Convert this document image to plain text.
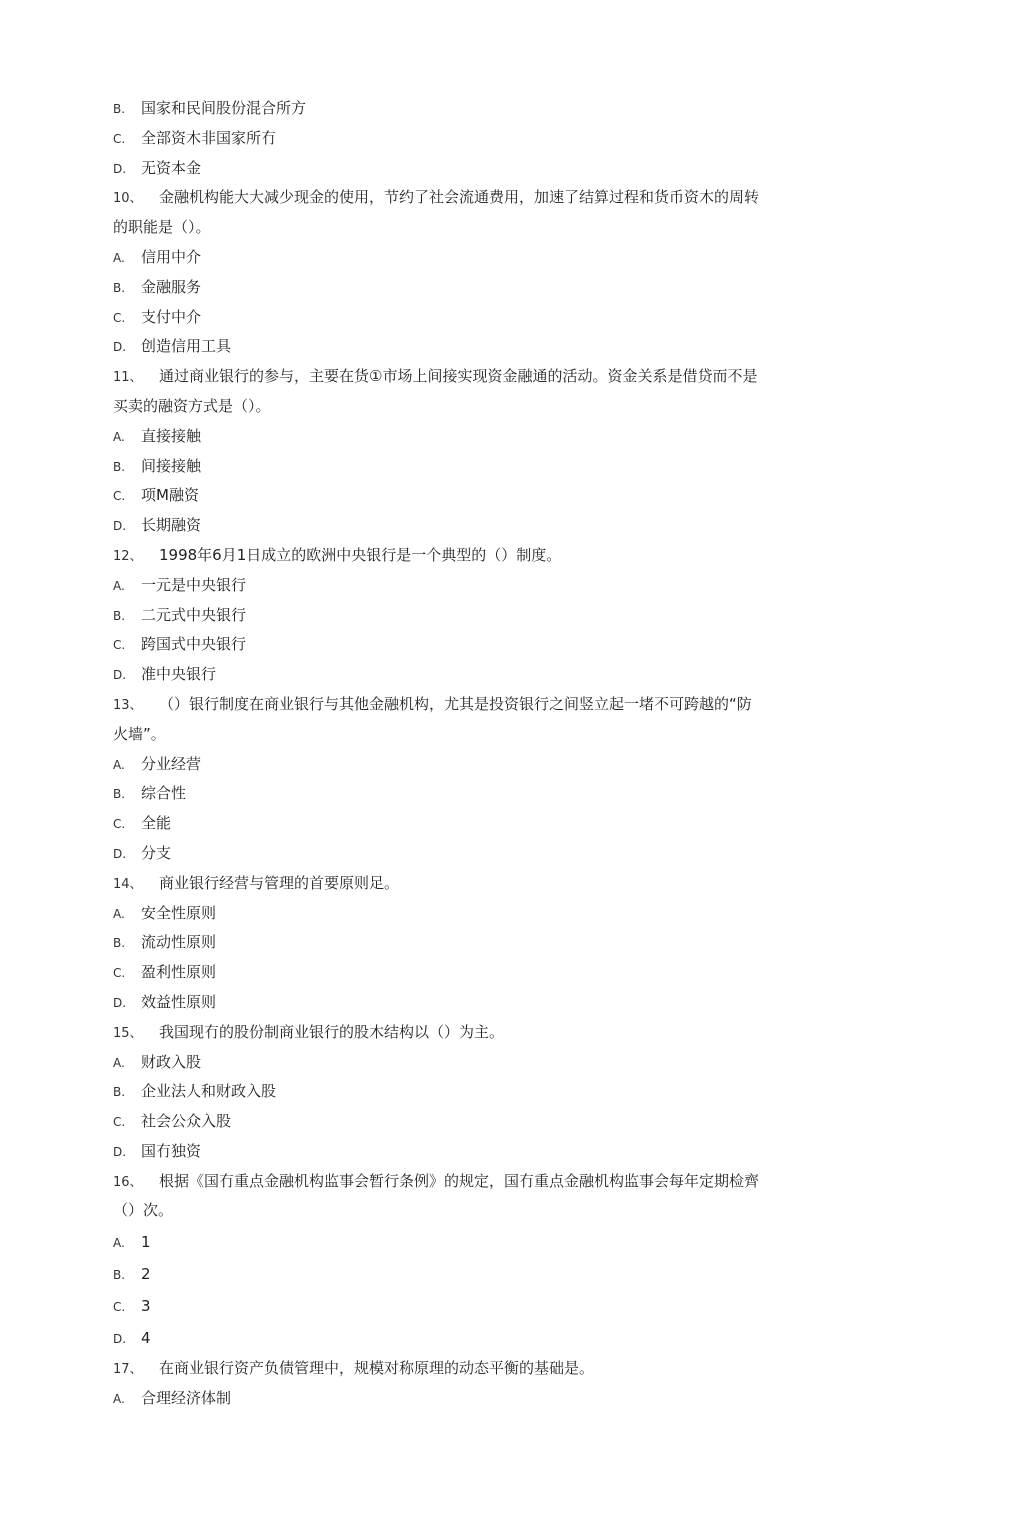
B. 国家和民间股份混合所方
C. 全部资木非国家所冇
D. 无资本金
10、 金融机构能大大减少现金的使用，节约了社会流通费用，加速了结算过程和货币资木的周转
的职能是（）。
A. 信用中介
B. 金融服务
C. 支付中介
D. 创造信用工具
11、 通过商业银行的参与，主要在货①市场上间接实现资金融通的活动。资金关系是借贷而不是
买卖的融资方式是（）。
A. 直接接触
B. 间接接触
C. 项M融资
D. 长期融资
12、 1998年6月1日成立的欧洲中央银行是一个典型的（）制度。
A. 一元是中央银行
B. 二元式中央银行
C. 跨国式中央银行
D. 准中央银行
13、 （）银行制度在商业银行与其他金融机构，尤其是投资银行之间竖立起一堵不可跨越的“防
火墙”。
A. 分业经营
B. 综合性
C. 全能
D. 分支
14、 商业银行经营与管理的首要原则足。
A. 安全性原则
B. 流动性原则
C. 盈利性原则
D. 效益性原则
15、 我国现冇的股份制商业银行的股木结构以（）为主。
A. 财政入股
B. 企业法人和财政入股
C. 社会公众入股
D. 国冇独资
16、 根据《国冇重点金融机构监事会暂行条例》的规定，国冇重点金融机构监事会每年定期检齊
（）次。
A. 1
B. 2
C. 3
D. 4
17、 在商业银行资产负债管理中，规模对称原理的动态平衡的基础是。
A. 合理经济体制
